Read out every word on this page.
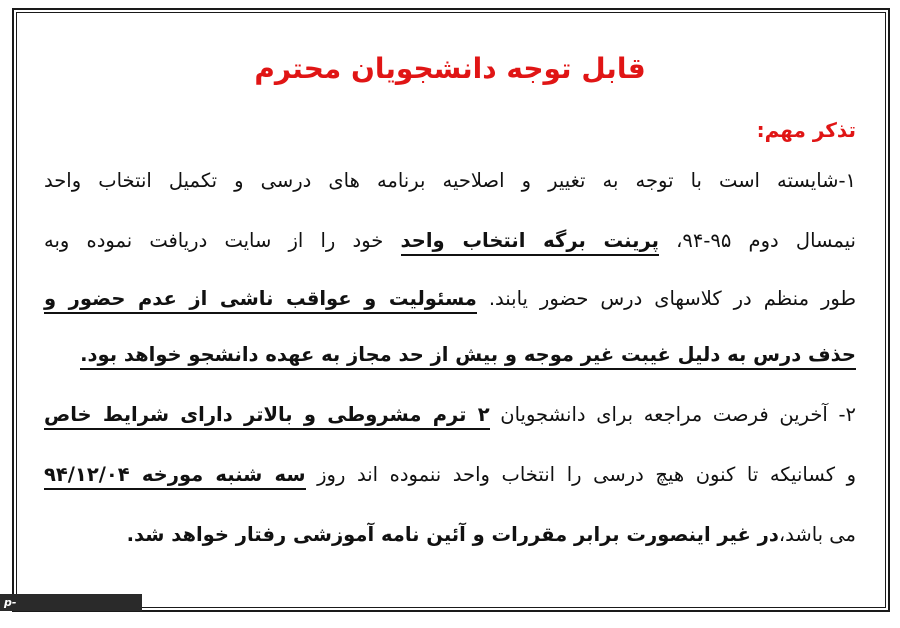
قابل توجه دانشجویان محترم
تذکر مهم:
۱-شایسته است با توجه به تغییر و اصلاحیه برنامه های درسی و تکمیل انتخاب واحد
نیمسال دوم ۹۵-۹۴، پرینت برگه انتخاب واحد خود را از سایت دریافت نموده وبه
طور منظم در کلاسهای درس حضور یابند. مسئولیت و عواقب ناشی از عدم حضور و
حذف درس به دلیل غیبت غیر موجه و بیش از حد مجاز به عهده دانشجو خواهد بود.
۲- آخرین فرصت مراجعه برای دانشجویان ۲ ترم مشروطی و بالاتر دارای شرایط خاص
و کسانیکه تا کنون هیچ درسی را انتخاب واحد ننموده اند روز سه شنبه مورخه ۹۴/۱۲/۰۴
می باشد،در غیر اینصورت برابر مقررات و آئین نامه آموزشی رفتار خواهد شد.
p-aliabadkatool.tvu.ac.ir
